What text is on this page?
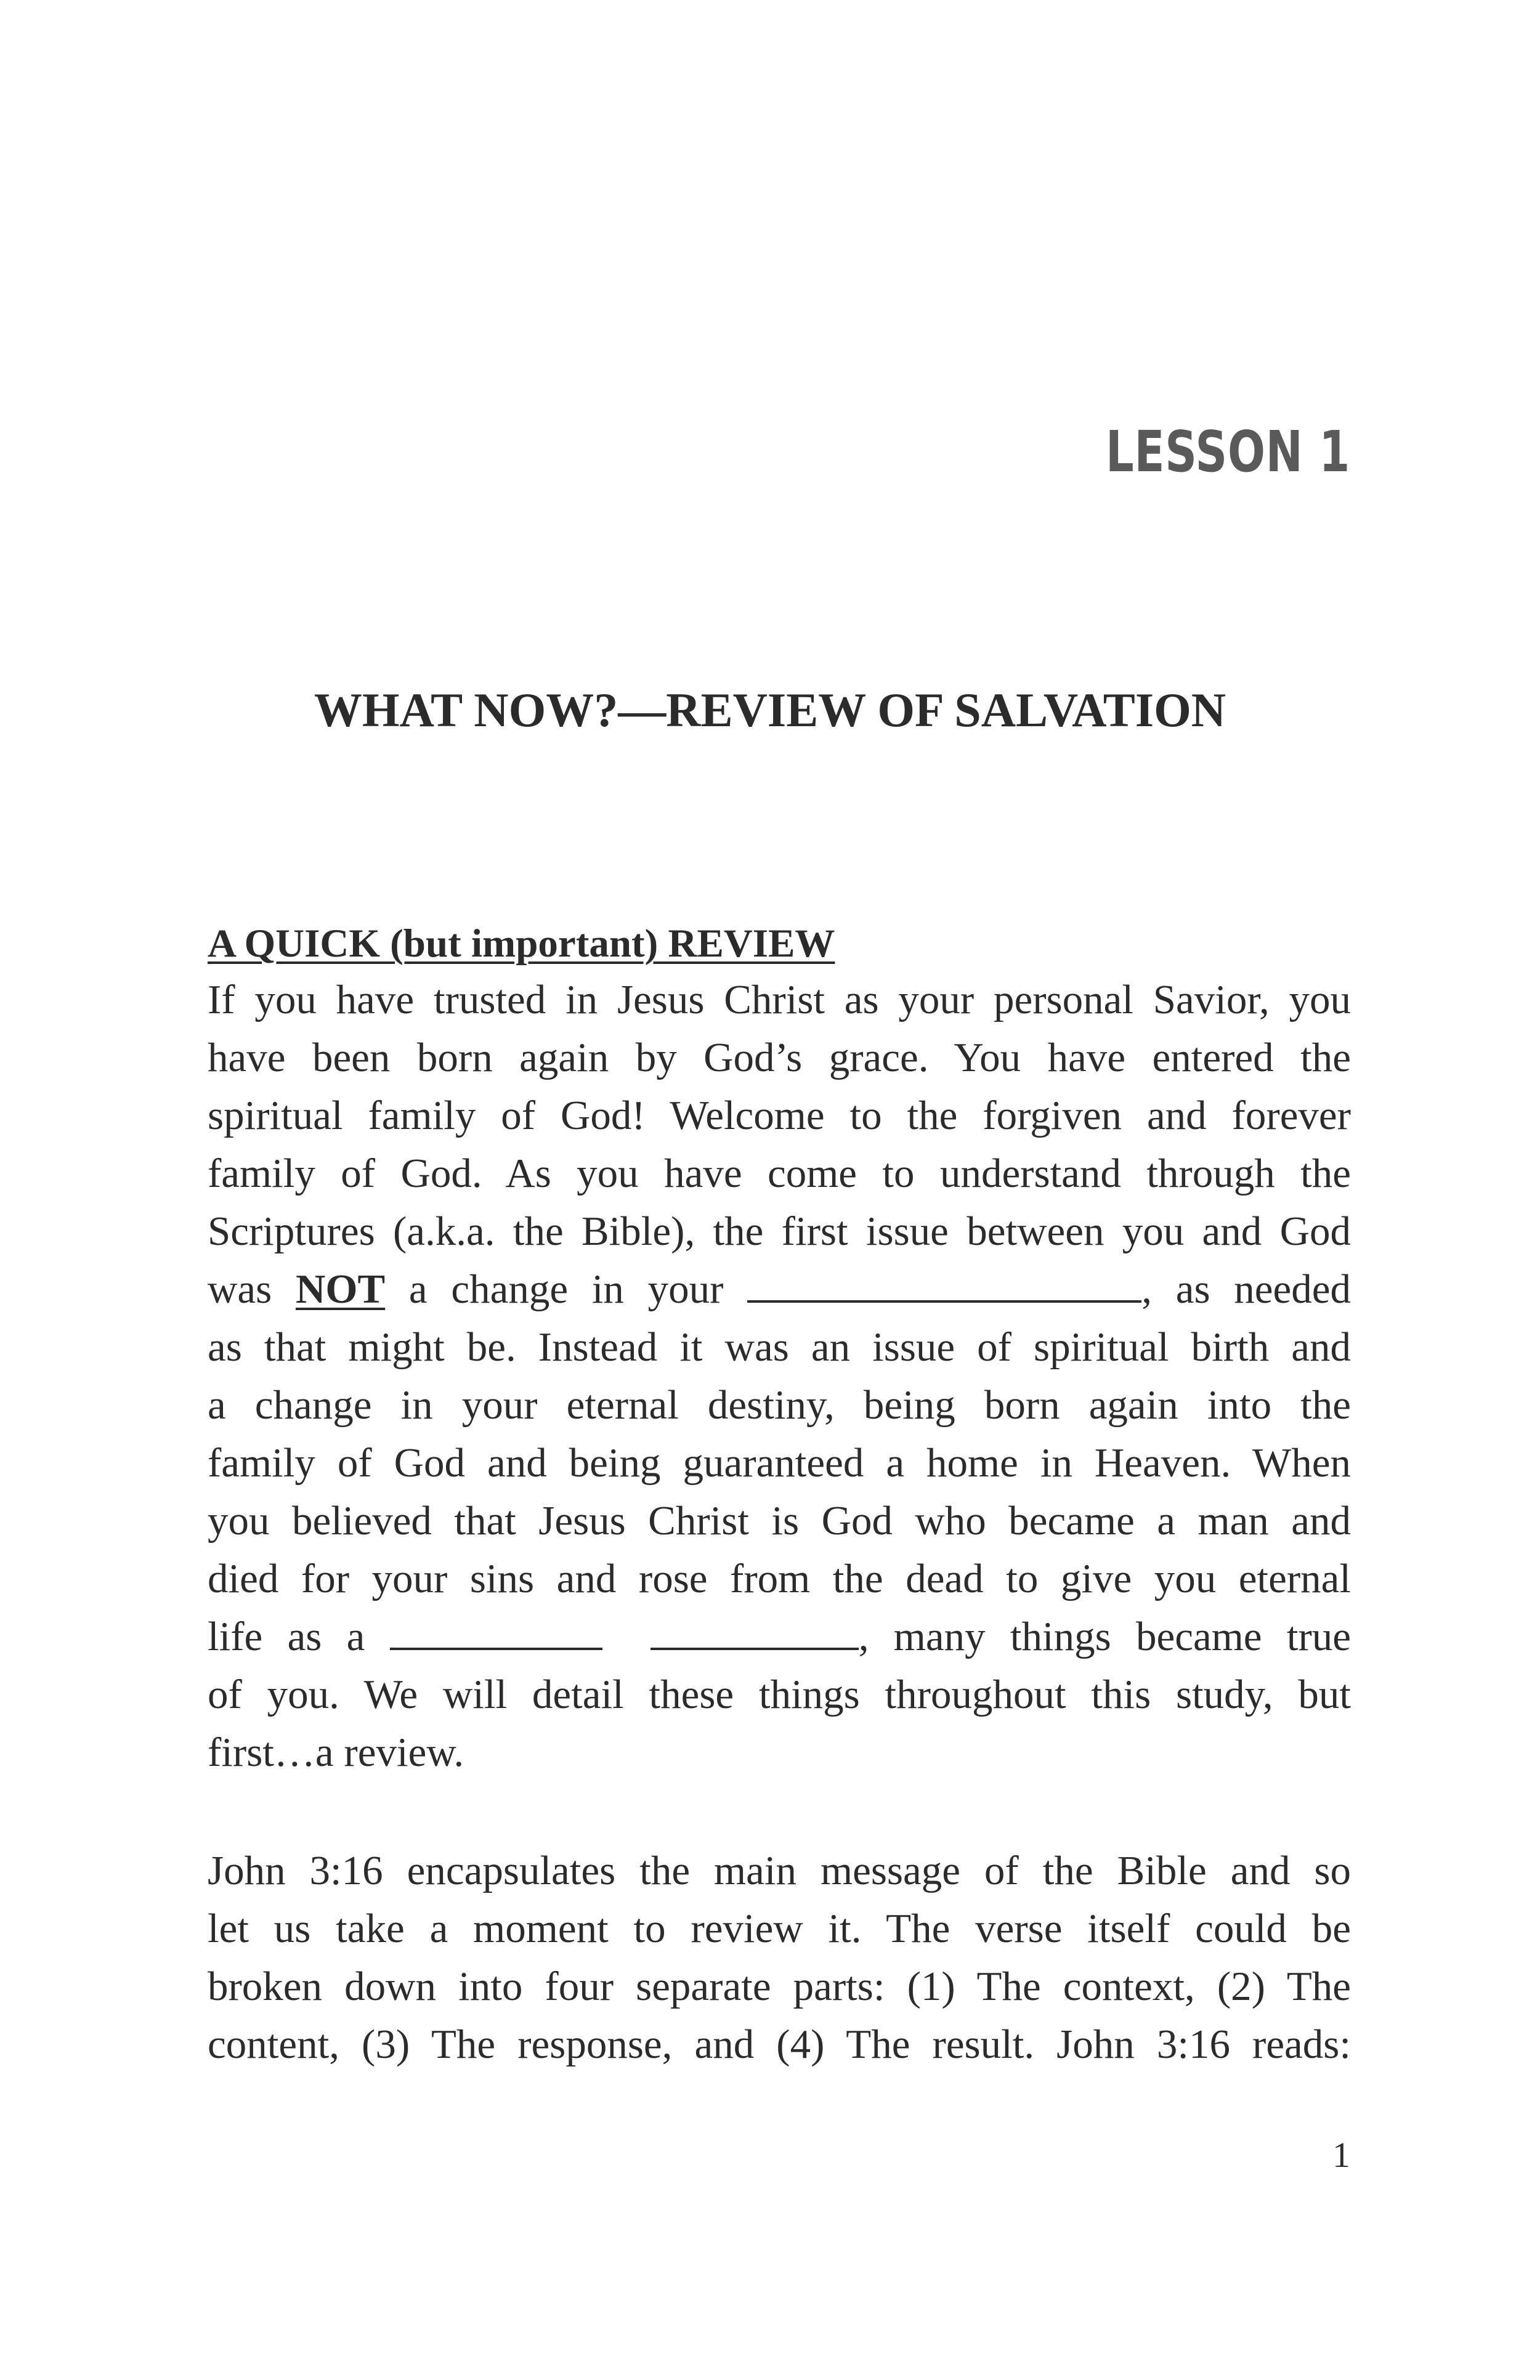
LESSON 1
WHAT NOW?—REVIEW OF SALVATION
A QUICK (but important) REVIEW
If you have trusted in Jesus Christ as your personal Savior, you
have been born again by God’s grace. You have entered the
spiritual family of God! Welcome to the forgiven and forever
family of God. As you have come to understand through the
Scriptures (a.k.a. the Bible), the first issue between you and God
was NOT a change in your	, as needed
as that might be. Instead it was an issue of spiritual birth and
a change in your eternal destiny, being born again into the
family of God and being guaranteed a home in Heaven. When
you believed that Jesus Christ is God who became a man and
died for your sins and rose from the dead to give you eternal
life as a	, many things became true
of you. We will detail these things throughout this study, but
first…a review.
John 3:16 encapsulates the main message of the Bible and so
let us take a moment to review it. The verse itself could be
broken down into four separate parts: (1) The context, (2) The
content, (3) The response, and (4) The result. John 3:16 reads:
1
